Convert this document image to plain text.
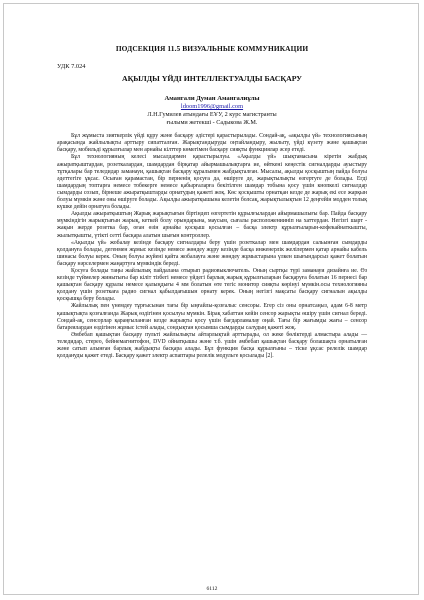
ПОДСЕКЦИЯ 11.5 ВИЗУАЛЬНЫЕ КОММУНИКАЦИИ
УДК 7.024
АҚЫЛДЫ ҮЙДІ ИНТЕЛЛЕКТУАЛДЫ БАСҚАРУ
Амангали Думан Амангалиұлы
ldoom1996@gmail.com
Л.Н.Гумилев атындағы ЕҰУ, 2 курс магистранты
ғылыми жетекші - Садыкова Ж.М.

Бұл жұмыста зияткерлік үйді құру және басқару әдістері қарастырылады. Сондай-ақ, «ақылды үй» технологиясының арақасында жайлылықты арттыру сипатталған. Жарықтандыруды оңтайландыру, жылыту, үйді күзету және қашықтан басқару, мобильді құрылғылар мен арнайы кілттер көмегімен басқару сияқты функциялар әсер етеді.

Бұл технологияның келесі мысалдармен қарастырылуы. «Ақылды үй» шықтамасына кіретін жабдық ажыратқыштардан, розеткалардан, шамдардан бірқатар айырмашылықтарға ие, өйткені кеңестік сигналдарды ауыстыру тұтқалары бар теледидар заманауи, қашықтан басқару құралымен жабдықталған. Мысалы, ақылды қосқыштың пайда болуы әдеттегіге ұқсас. Осыған қарамастан, бір перненің қосуға да, өшіруге де, жарықтылықты өзгертуге де болады. Егді шамдардың топтарға немесе тобекерге немесе қабырғаларға бекітілген шамдар тобына қосу үшін кнопкелі сигналдар сымдарды созып, бірнеше ажыратқыштарды орнатудың қажеті жоқ. Көс қосқышты орнатқан кезде де жарық екі есе жарқын болуы мүмкін және оны өшіруге болады. Ақылды ажыратқышына келетін болсақ, жарықтылықтын 12 деңгейін модден толық күшке дейін орнатуға болады.

Ақылды ажыратқыштың Жарық жарықтығын біртіндеп өзгертетін құрылғылардан айырмашылығы бар. Пайда басқару мүмкіндігін жарықтығын жарық, кеткей болу орындарына, маусым, сығалы расположенииніп на хаттердан. Негізгі шарт - жақын жерде розетка бар, оған өзін арнайы қосқыш қосылған – басқа электр құрылғыларын-кофекайнаткышты, жылытқышты, үтікті сетті басқара алатын шығын контроллер.

«Ақылды үй» жобалау кезінде басқару сигналдары беру үшін розеткалар мен шамдардан сальынған сымдарды қолдануға болады, дегенмен жұмыс кезінде немесе жөндеу жұру кезінде басқа инженерлік желілермен қатар арнайы кабель шинасы болуы керек. Оның болуы жүйені қайта жобалауға және жөндеу жұмыстарына үлкен шығындарсыз қажет болатын басқару нәрселермен жаңартуға мүмкіндік береді.

Қосуға болады таңы жайлылық пайдалана отырып радиовыключатель. Оның сыртқы түрі заманауи дизайнға ие. Өз кезінде түймелер жинытығы бар кіліт тізбегі немесе үйдегі барлық жарық құрылғыларын басқаруға болатын 16 пернесі бар қашықтан басқару құралы немесе қалыңдығы 4 мм болатын өте тегіс монитор сияқты көрінуі мүмкін.осы технологияны қолдану үшін розеткаға радио сигнал қабылдағышын орнату керек. Оның негізгі мақсаты басқару сигналын ақылды қосқышқа беру болады.

Жайлылық пен үнемдеу тұрғысынан тағы бір ыңғайлы-қозғалыс сенсоры. Егер сіз оны орнатсаңыз, адам 6-8 метр қашықтықта қозғалғанда Жарық өздігінен қосылуы мүмкін. Бірақ хабаттан кейін сенсор жарықты өшіру үшін сигнал береді. Сондай-ақ, сенсорлар қараңғыланған кезде жарықты қосу үшін бағдарламалау оңай. Тағы бір жағымды жағы – сенсор батареялардан өздігінен жұмыс істей алады, сондықтан қосымша сымдарды салудың қажеті жоқ.

Әмбебап қашықтан басқару пульті жайлылықты айтарлықтай арттырады, ол жеке бөліктерді алмастыра алады — теледидар, стерео, бейнемагнитофон, DVD ойнатқышы және т.б. үшін әмбебап қашықтан басқару болашақта орнатылған және сатып алынған барлық жабдықты басқара алады. Бұл функция басқа құрылғыны – тіске ұқсас релелік шамдар қолдануды қажет етеді. Басқару қажет электр аспаптары релелік модульге қосылады [2].

6112
